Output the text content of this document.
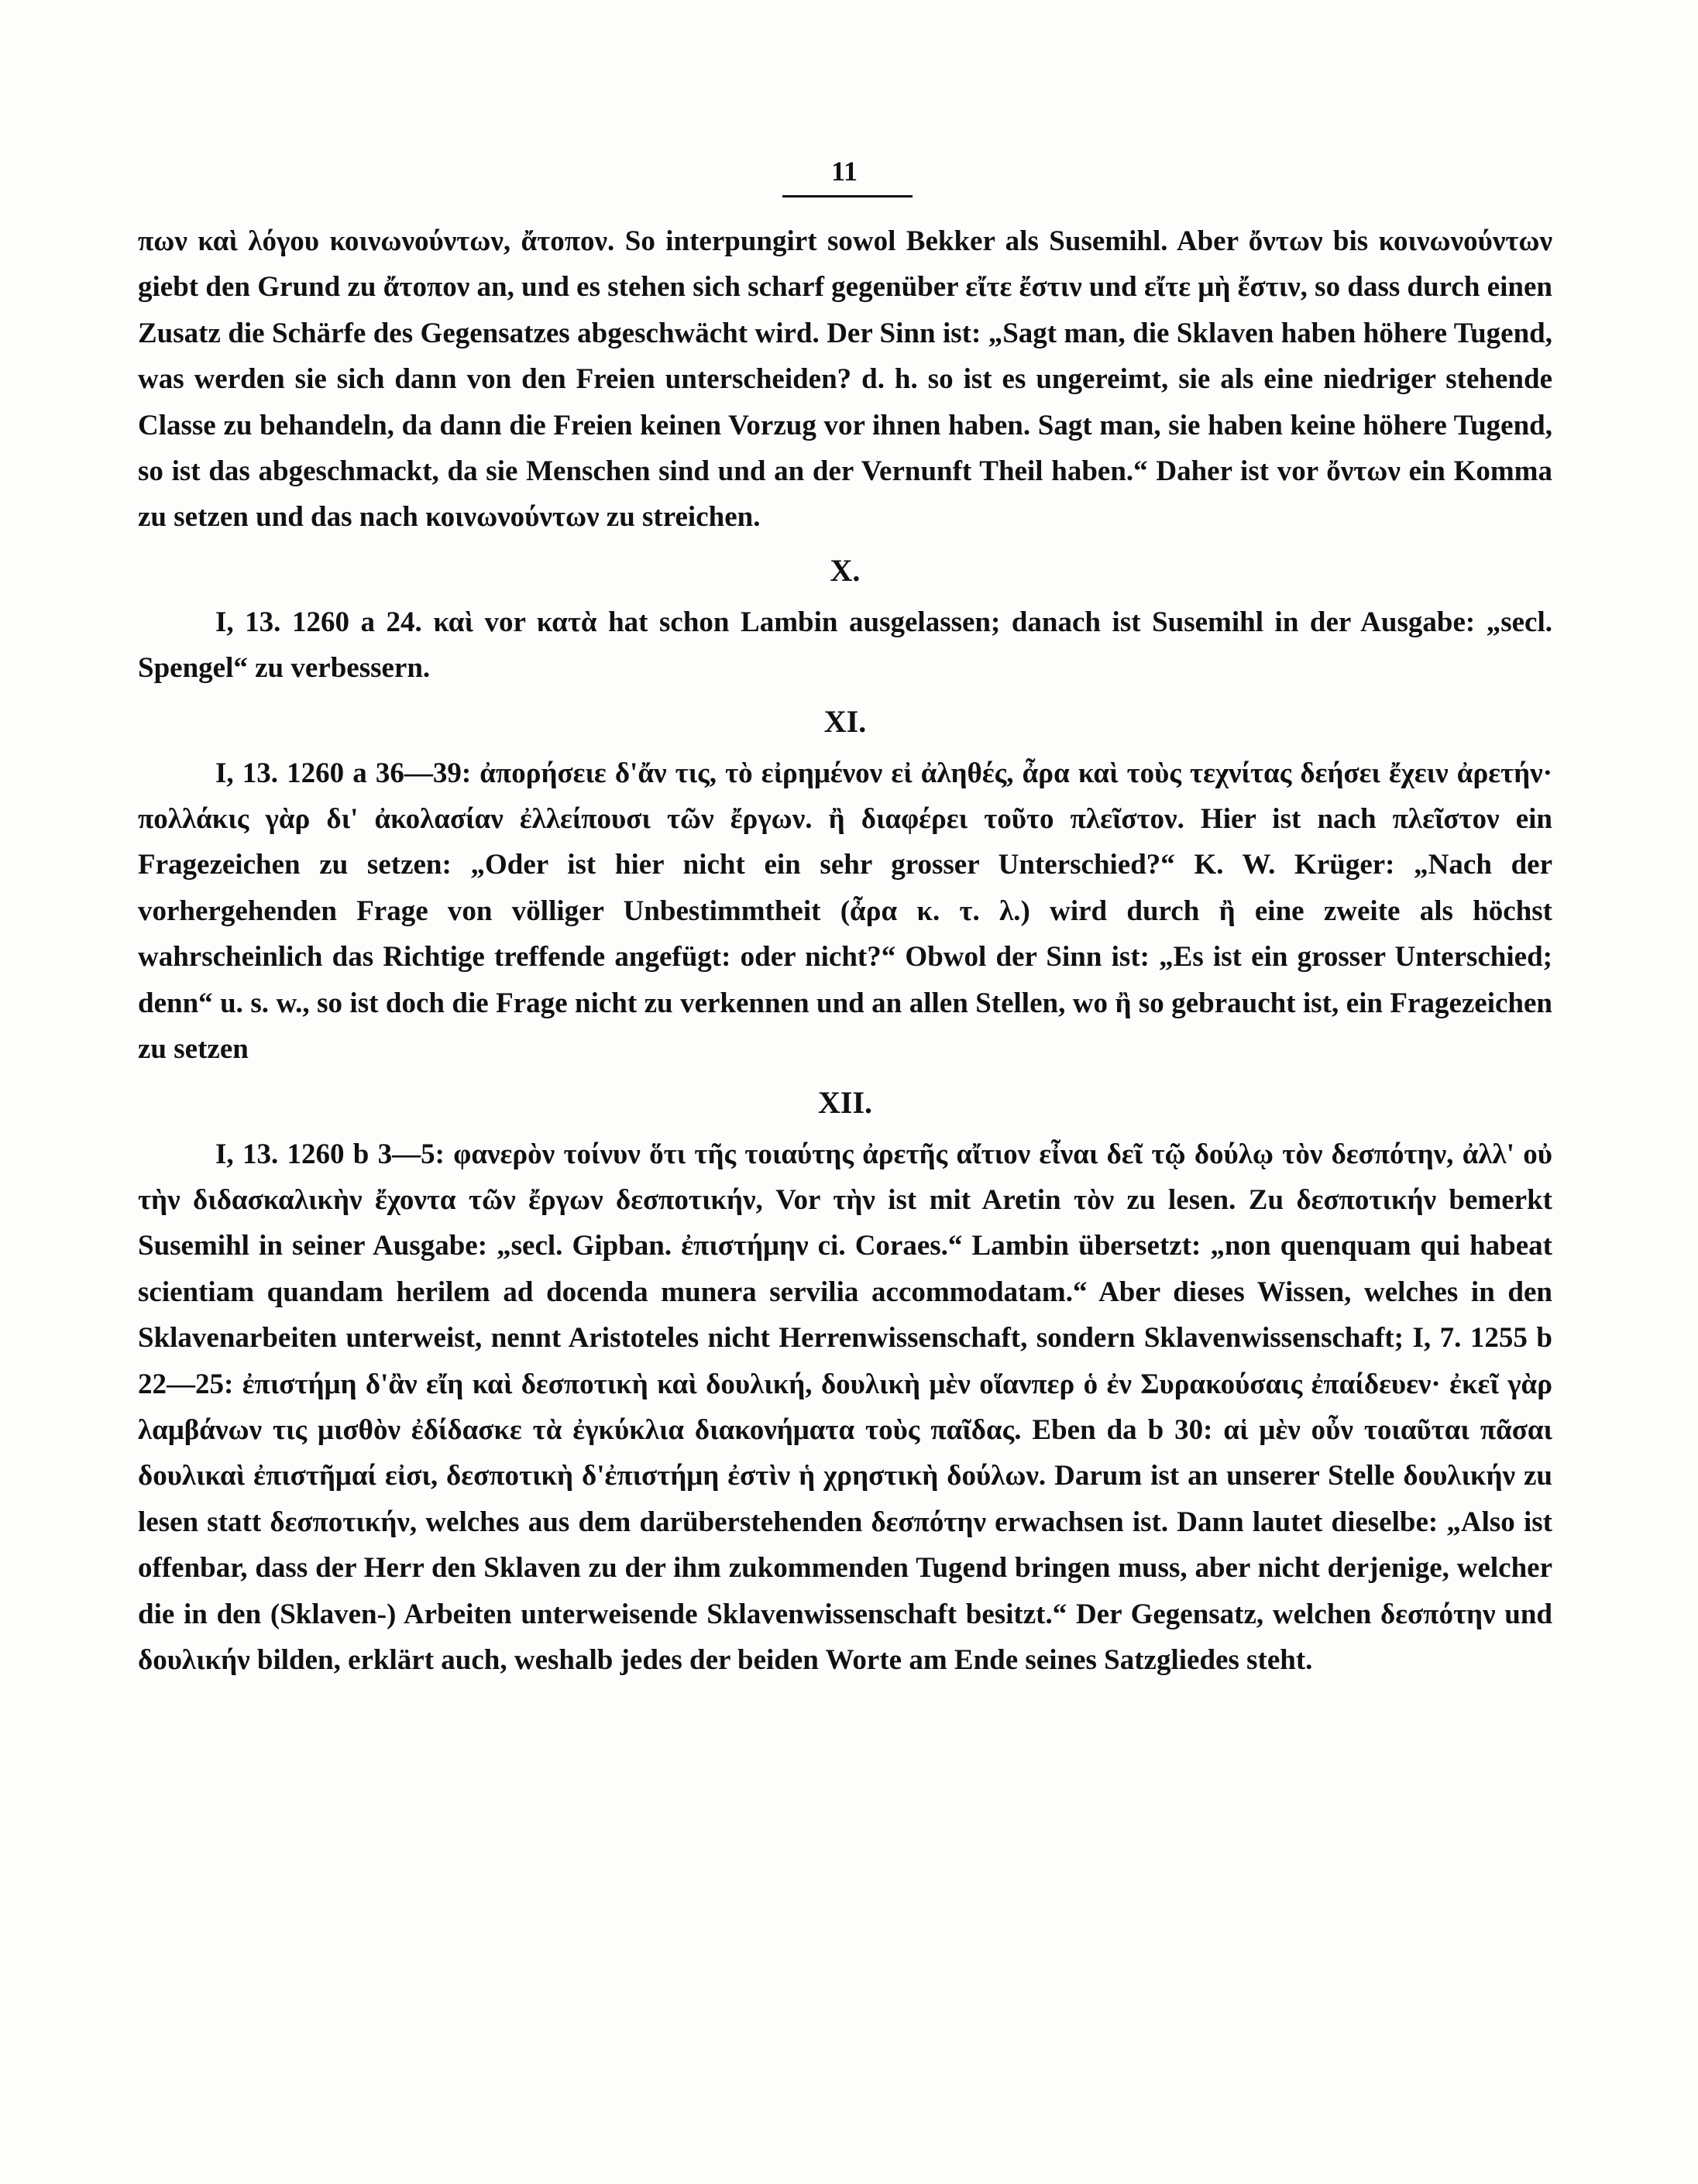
11

πων καὶ λόγου κοινωνούντων, ἄτοπον. So interpungirt sowol Bekker als Susemihl. Aber ὄντων bis κοινωνούντων giebt den Grund zu ἄτοπον an, und es stehen sich scharf gegenüber εἴτε ἔστιν und εἴτε μὴ ἔστιν, so dass durch einen Zusatz die Schärfe des Gegensatzes abgeschwächt wird. Der Sinn ist: „Sagt man, die Sklaven haben höhere Tugend, was werden sie sich dann von den Freien unterscheiden? d. h. so ist es ungereimt, sie als eine niedriger stehende Classe zu behandeln, da dann die Freien keinen Vorzug vor ihnen haben. Sagt man, sie haben keine höhere Tugend, so ist das abgeschmackt, da sie Menschen sind und an der Vernunft Theil haben.“ Daher ist vor ὄντων ein Komma zu setzen und das nach κοινωνούντων zu streichen.

X.

I, 13. 1260 a 24. καὶ vor κατὰ hat schon Lambin ausgelassen; danach ist Susemihl in der Ausgabe: „secl. Spengel“ zu verbessern.

XI.

I, 13. 1260 a 36—39: ἀπορήσειε δ'ἄν τις, τὸ εἰρημένον εἰ ἀληθές, ἆρα καὶ τοὺς τεχνίτας δεήσει ἔχειν ἀρετήν· πολλάκις γὰρ δι' ἀκολασίαν ἐλλείπουσι τῶν ἔργων. ἢ διαφέρει τοῦτο πλεῖστον. Hier ist nach πλεῖστον ein Fragezeichen zu setzen: „Oder ist hier nicht ein sehr grosser Unterschied?“ K. W. Krüger: „Nach der vorhergehenden Frage von völliger Unbestimmtheit (ἆρα κ. τ. λ.) wird durch ἢ eine zweite als höchst wahrscheinlich das Richtige treffende angefügt: oder nicht?“ Obwol der Sinn ist: „Es ist ein grosser Unterschied; denn“ u. s. w., so ist doch die Frage nicht zu verkennen und an allen Stellen, wo ἢ so gebraucht ist, ein Fragezeichen zu setzen

XII.

I, 13. 1260 b 3—5: φανερὸν τοίνυν ὅτι τῆς τοιαύτης ἀρετῆς αἴτιον εἶναι δεῖ τῷ δούλῳ τὸν δεσπότην, ἀλλ' οὐ τὴν διδασκαλικὴν ἔχοντα τῶν ἔργων δεσποτικήν, Vor τὴν ist mit Aretin τὸν zu lesen. Zu δεσποτικήν bemerkt Susemihl in seiner Ausgabe: „secl. Gipban. ἐπιστήμην ci. Coraes.“ Lambin übersetzt: „non quenquam qui habeat scientiam quandam herilem ad docenda munera servilia accommodatam.“ Aber dieses Wissen, welches in den Sklavenarbeiten unterweist, nennt Aristoteles nicht Herrenwissenschaft, sondern Sklavenwissenschaft; I, 7. 1255 b 22—25: ἐπιστήμη δ'ἂν εἴη καὶ δεσποτικὴ καὶ δουλική, δουλικὴ μὲν οἵανπερ ὁ ἐν Συρακούσαις ἐπαίδευεν· ἐκεῖ γὰρ λαμβάνων τις μισθὸν ἐδίδασκε τὰ ἐγκύκλια διακονήματα τοὺς παῖδας. Eben da b 30: αἱ μὲν οὖν τοιαῦται πᾶσαι δουλικαὶ ἐπιστῆμαί εἰσι, δεσποτικὴ δ'ἐπιστήμη ἐστὶν ἡ χρηστικὴ δούλων. Darum ist an unserer Stelle δουλικήν zu lesen statt δεσποτικήν, welches aus dem darüberstehenden δεσπότην erwachsen ist. Dann lautet dieselbe: „Also ist offenbar, dass der Herr den Sklaven zu der ihm zukommenden Tugend bringen muss, aber nicht derjenige, welcher die in den (Sklaven-) Arbeiten unterweisende Sklavenwissenschaft besitzt.“ Der Gegensatz, welchen δεσπότην und δουλικήν bilden, erklärt auch, weshalb jedes der beiden Worte am Ende seines Satzgliedes steht.
